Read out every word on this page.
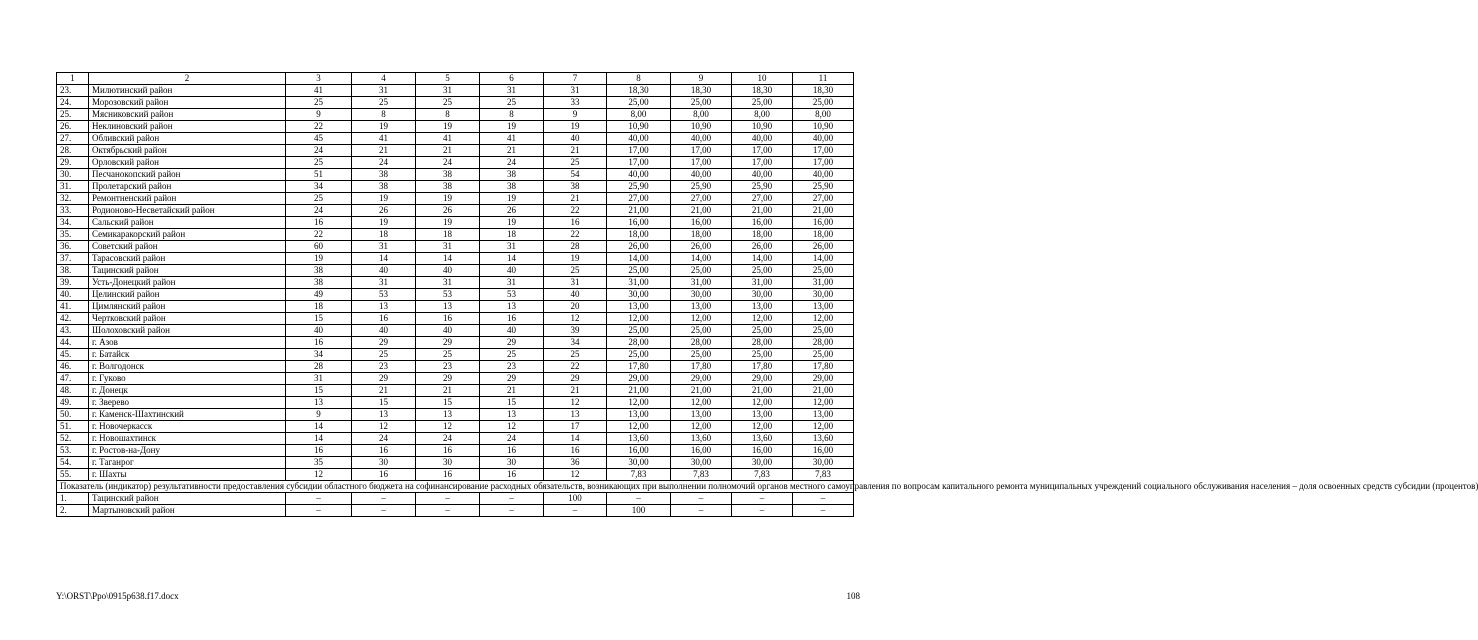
1	2	3	4	5	6	7	8	9	10	11
23.	Милютинский район	41	31	31	31	31	18,30	18,30	18,30	18,30
24.	Морозовский район	25	25	25	25	33	25,00	25,00	25,00	25,00
25.	Мясниковский район	9	8	8	8	9	8,00	8,00	8,00	8,00
26.	Неклиновский район	22	19	19	19	19	10,90	10,90	10,90	10,90
27.	Обливский район	45	41	41	41	40	40,00	40,00	40,00	40,00
28.	Октябрьский район	24	21	21	21	21	17,00	17,00	17,00	17,00
29.	Орловский район	25	24	24	24	25	17,00	17,00	17,00	17,00
30.	Песчанокопский район	51	38	38	38	54	40,00	40,00	40,00	40,00
31.	Пролетарский район	34	38	38	38	38	25,90	25,90	25,90	25,90
32.	Ремонтненский район	25	19	19	19	21	27,00	27,00	27,00	27,00
33.	Родионово-Несветайский район	24	26	26	26	22	21,00	21,00	21,00	21,00
34.	Сальский район	16	19	19	19	16	16,00	16,00	16,00	16,00
35.	Семикаракорский район	22	18	18	18	22	18,00	18,00	18,00	18,00
36.	Советский район	60	31	31	31	28	26,00	26,00	26,00	26,00
37.	Тарасовский район	19	14	14	14	19	14,00	14,00	14,00	14,00
38.	Тацинский район	38	40	40	40	25	25,00	25,00	25,00	25,00
39.	Усть-Донецкий район	38	31	31	31	31	31,00	31,00	31,00	31,00
40.	Целинский район	49	53	53	53	40	30,00	30,00	30,00	30,00
41.	Цимлянский район	18	13	13	13	20	13,00	13,00	13,00	13,00
42.	Чертковский район	15	16	16	16	12	12,00	12,00	12,00	12,00
43.	Шолоховский район	40	40	40	40	39	25,00	25,00	25,00	25,00
44.	г. Азов	16	29	29	29	34	28,00	28,00	28,00	28,00
45.	г. Батайск	34	25	25	25	25	25,00	25,00	25,00	25,00
46.	г. Волгодонск	28	23	23	23	22	17,80	17,80	17,80	17,80
47.	г. Гуково	31	29	29	29	29	29,00	29,00	29,00	29,00
48.	г. Донецк	15	21	21	21	21	21,00	21,00	21,00	21,00
49.	г. Зверево	13	15	15	15	12	12,00	12,00	12,00	12,00
50.	г. Каменск-Шахтинский	9	13	13	13	13	13,00	13,00	13,00	13,00
51.	г. Новочеркасск	14	12	12	12	17	12,00	12,00	12,00	12,00
52.	г. Новошахтинск	14	24	24	24	14	13,60	13,60	13,60	13,60
53.	г. Ростов-на-Дону	16	16	16	16	16	16,00	16,00	16,00	16,00
54.	г. Таганрог	35	30	30	30	36	30,00	30,00	30,00	30,00
55.	г. Шахты	12	16	16	16	12	7,83	7,83	7,83	7,83
Показатель (индикатор) результативности предоставления субсидии областного бюджета на софинансирование расходных обязательств, возникающих при выполнении полномочий органов местного самоуправления по вопросам капитального ремонта муниципальных учреждений социального обслуживания населения – доля освоенных средств субсидии (процентов)										
1.	Тацинский район	–	–	–	–	100	–	–	–	–
2.	Мартыновский район	–	–	–	–	–	100	–	–	–
Y:\ORST\Ppo\0915p638.f17.docx	108
